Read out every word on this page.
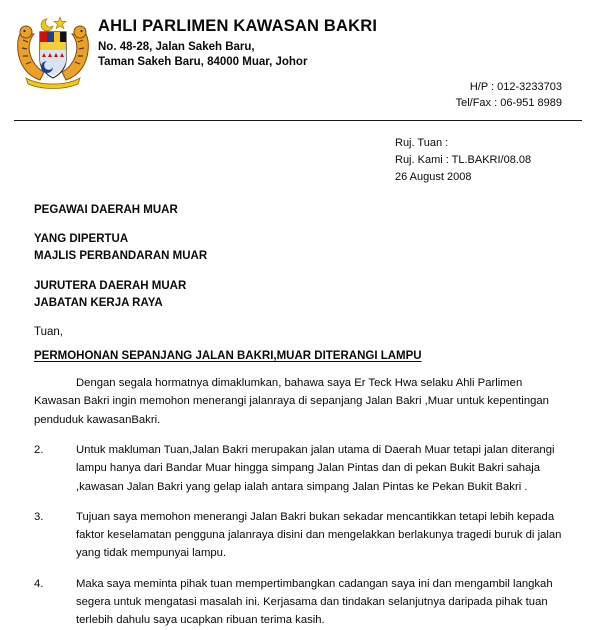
AHLI PARLIMEN KAWASAN BAKRI
No. 48-28, Jalan Sakeh Baru,
Taman Sakeh Baru, 84000 Muar, Johor
H/P : 012-3233703
Tel/Fax : 06-951 8989
Ruj. Tuan :
Ruj. Kami : TL.BAKRI/08.08
26 August 2008
PEGAWAI DAERAH MUAR
YANG DIPERTUA
MAJLIS PERBANDARAN MUAR
JURUTERA DAERAH MUAR
JABATAN KERJA RAYA
Tuan,
PERMOHONAN SEPANJANG JALAN BAKRI,MUAR DITERANGI LAMPU
Dengan segala hormatnya dimaklumkan, bahawa saya Er Teck Hwa selaku Ahli Parlimen Kawasan Bakri ingin memohon menerangi jalanraya di sepanjang Jalan Bakri ,Muar untuk kepentingan penduduk kawasanBakri.
2.	Untuk makluman Tuan,Jalan Bakri merupakan jalan utama di Daerah Muar tetapi jalan diterangi lampu hanya dari Bandar Muar hingga simpang Jalan Pintas dan di pekan Bukit Bakri sahaja ,kawasan Jalan Bakri yang gelap ialah antara simpang Jalan Pintas ke Pekan Bukit Bakri .
3.	Tujuan saya memohon menerangi Jalan Bakri bukan sekadar mencantikkan tetapi lebih kepada faktor keselamatan pengguna jalanraya disini dan mengelakkan berlakunya tragedi buruk di jalan yang tidak mempunyai lampu.
4.	Maka saya meminta pihak tuan mempertimbangkan cadangan saya ini dan mengambil langkah segera untuk mengatasi masalah ini. Kerjasama dan tindakan selanjutnya daripada pihak tuan terlebih dahulu saya ucapkan ribuan terima kasih.
